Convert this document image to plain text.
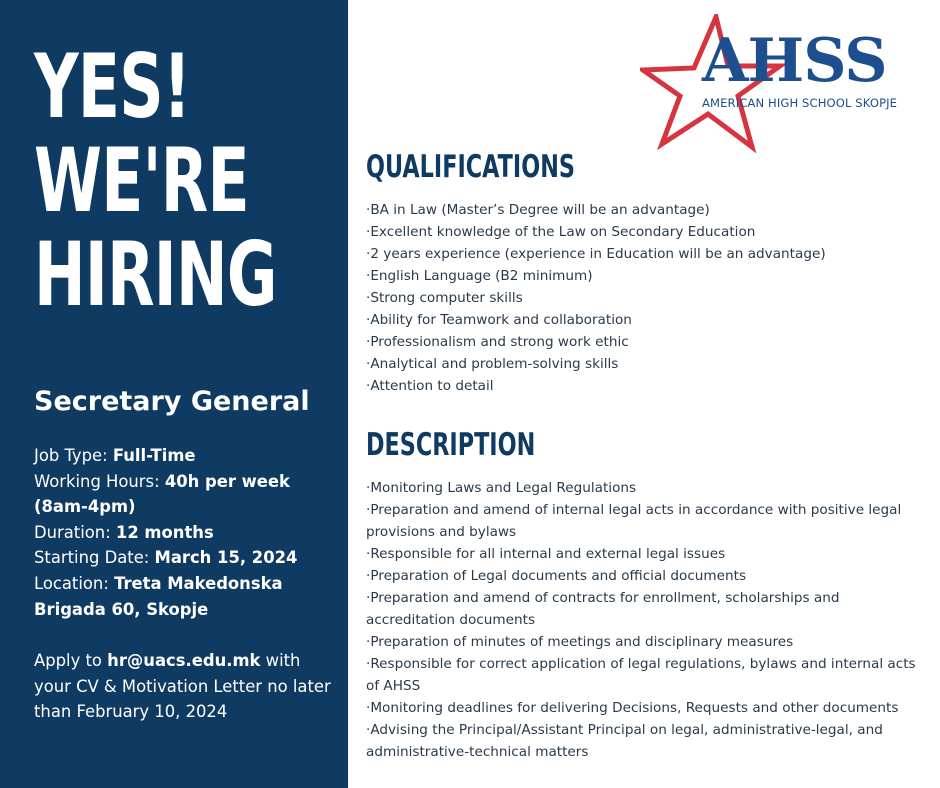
YES!
WE'RE
HIRING
Secretary General
Job Type: Full-Time
Working Hours: 40h per week (8am-4pm)
Duration: 12 months
Starting Date: March 15, 2024
Location: Treta Makedonska Brigada 60, Skopje
Apply to hr@uacs.edu.mk with your CV & Motivation Letter no later than February 10, 2024
AHSS
AMERICAN HIGH SCHOOL SKOPJE
QUALIFICATIONS
·BA in Law (Master’s Degree will be an advantage)
·Excellent knowledge of the Law on Secondary Education
·2 years experience (experience in Education will be an advantage)
·English Language (B2 minimum)
·Strong computer skills
·Ability for Teamwork and collaboration
·Professionalism and strong work ethic
·Analytical and problem-solving skills
·Attention to detail
DESCRIPTION
·Monitoring Laws and Legal Regulations
·Preparation and amend of internal legal acts in accordance with positive legal provisions and bylaws
·Responsible for all internal and external legal issues
·Preparation of Legal documents and official documents
·Preparation and amend of contracts for enrollment, scholarships and accreditation documents
·Preparation of minutes of meetings and disciplinary measures
·Responsible for correct application of legal regulations, bylaws and internal acts of AHSS
·Monitoring deadlines for delivering Decisions, Requests and other documents
·Advising the Principal/Assistant Principal on legal, administrative-legal, and administrative-technical matters
